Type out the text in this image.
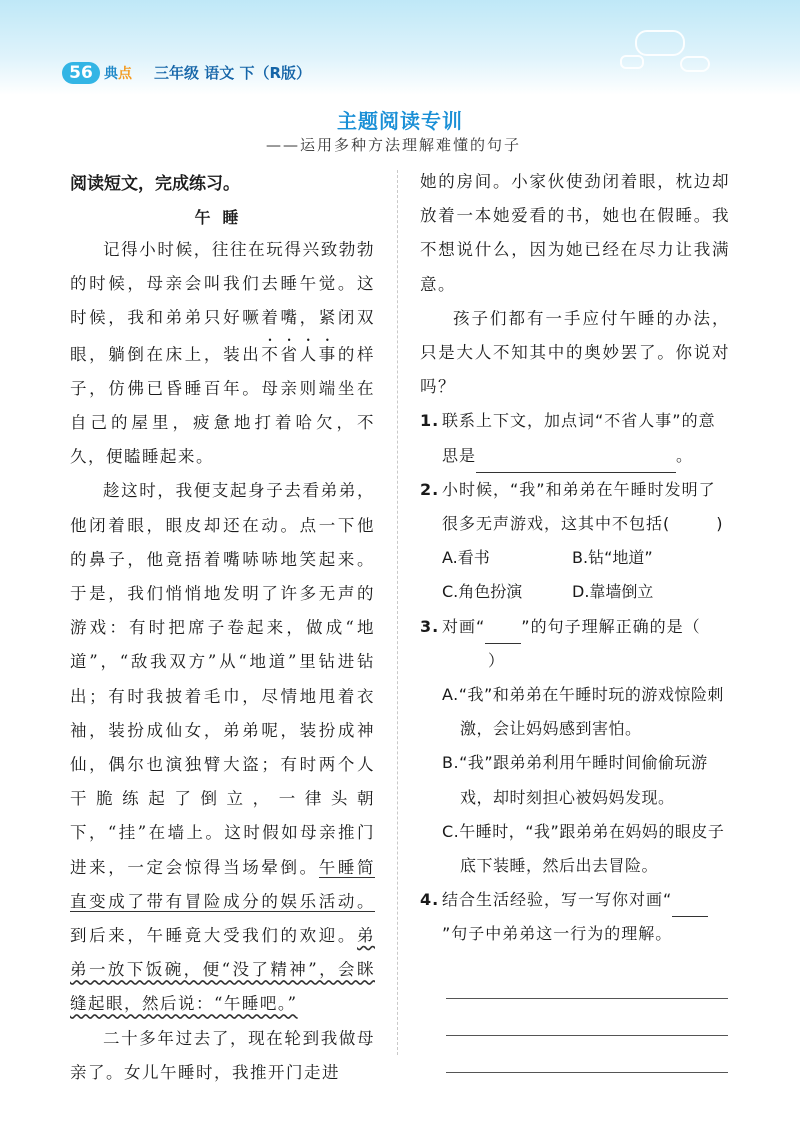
56 典点 三年级 语文 下（R版）
主题阅读专训
——运用多种方法理解难懂的句子

阅读短文，完成练习。

午睡

记得小时候，往往在玩得兴致勃勃的时候，母亲会叫我们去睡午觉。这时候，我和弟弟只好噘着嘴，紧闭双眼，躺倒在床上，装出不省人事的样子，仿佛已昏睡百年。母亲则端坐在自己的屋里，疲惫地打着哈欠，不久，便瞌睡起来。

趁这时，我便支起身子去看弟弟，他闭着眼，眼皮却还在动。点一下他的鼻子，他竟捂着嘴哧哧地笑起来。于是，我们悄悄地发明了许多无声的游戏：有时把席子卷起来，做成“地道”，“敌我双方”从“地道”里钻进钻出；有时我披着毛巾，尽情地甩着衣袖，装扮成仙女，弟弟呢，装扮成神仙，偶尔也演独臂大盗；有时两个人干脆练起了倒立，一律头朝下，“挂”在墙上。这时假如母亲推门进来，一定会惊得当场晕倒。午睡简直变成了带有冒险成分的娱乐活动。到后来，午睡竟大受我们的欢迎。弟弟一放下饭碗，便“没了精神”，会眯缝起眼，然后说：“午睡吧。”

二十多年过去了，现在轮到我做母亲了。女儿午睡时，我推开门走进

她的房间。小家伙使劲闭着眼，枕边却放着一本她爱看的书，她也在假睡。我不想说什么，因为她已经在尽力让我满意。

孩子们都有一手应付午睡的办法，只是大人不知其中的奥妙罢了。你说对吗？

1. 联系上下文，加点词“不省人事”的意思是	。

2. 小时候，“我”和弟弟在午睡时发明了很多无声游戏，这其中不包括(	)

A.看书	B.钻“地道”

C.角色扮演	D.靠墙倒立

3. 对画“ ”的句子理解正确的是（）

A.“我”和弟弟在午睡时玩的游戏惊险刺激，会让妈妈感到害怕。

B.“我”跟弟弟利用午睡时间偷偷玩游戏，却时刻担心被妈妈发现。

C.午睡时，“我”跟弟弟在妈妈的眼皮子底下装睡，然后出去冒险。

4. 结合生活经验，写一写你对画“”句子中弟弟这一行为的理解。
